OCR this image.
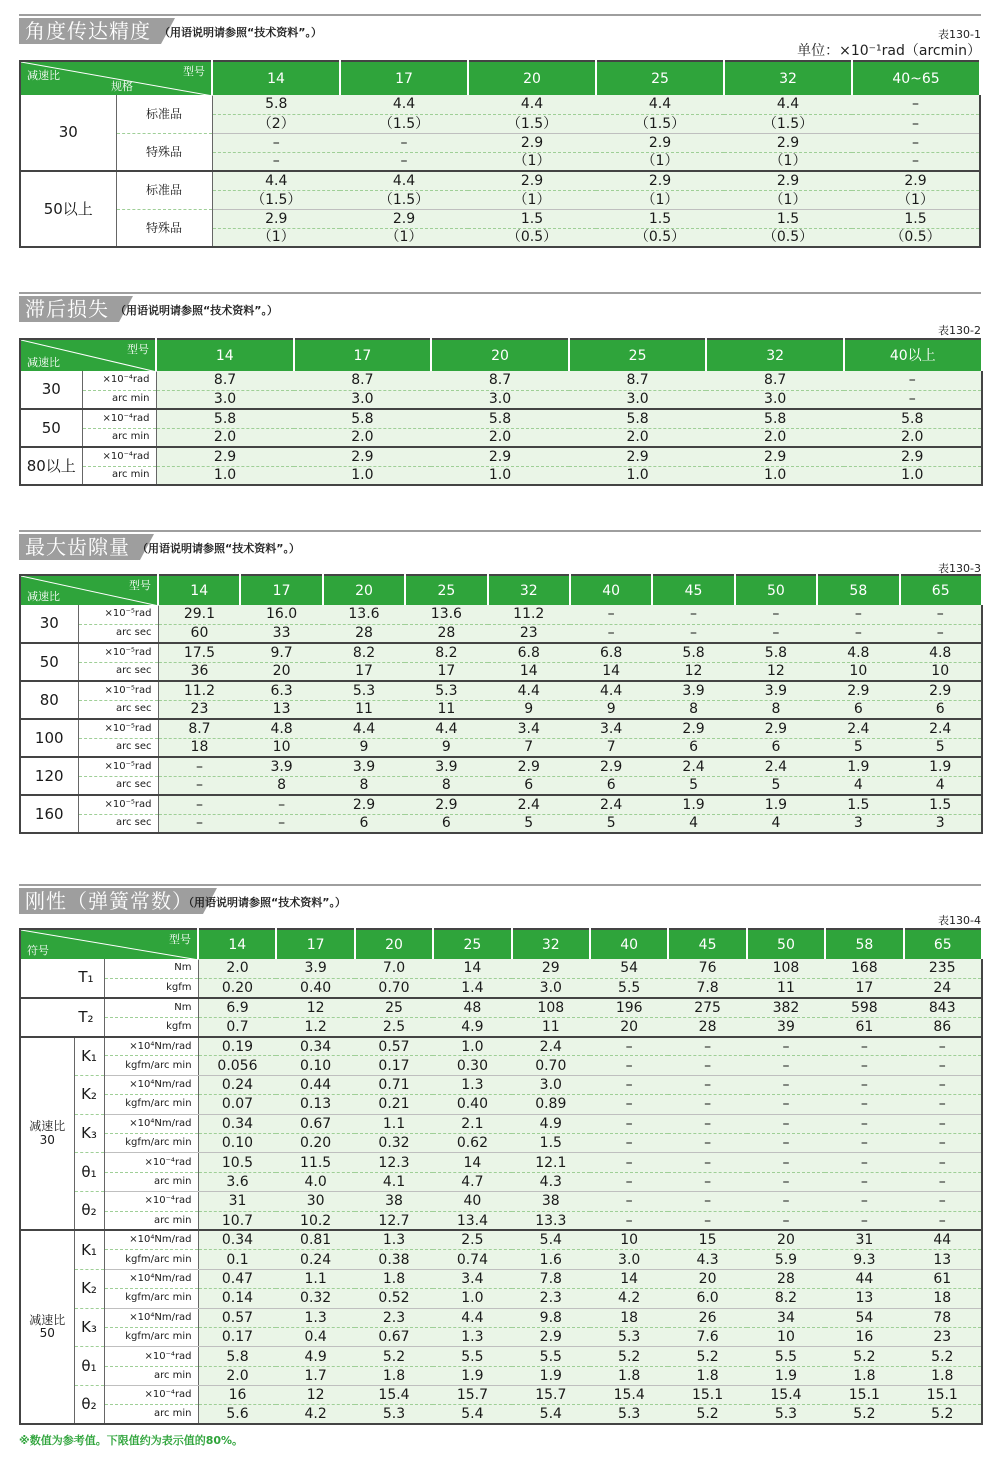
角度传达精度 （用语说明请参照“技术资料”。）	表130-1
单位：×10⁻¹rad（arcmin）
型号
规格
减速比		14	17	20	25	32	40~65
30	标准品	5.8	4.4	4.4	4.4	4.4	–
		（2）	（1.5）	（1.5）	（1.5）	（1.5）	–
	特殊品	–	–	2.9	2.9	2.9	–
		–	–	（1）	（1）	（1）	–
50以上	标准品	4.4	4.4	2.9	2.9	2.9	2.9
		（1.5）	（1.5）	（1）	（1）	（1）	（1）
	特殊品	2.9	2.9	1.5	1.5	1.5	1.5
		（1）	（1）	（0.5）	（0.5）	（0.5）	（0.5）
滞后损失 （用语说明请参照“技术资料”。）
表130-2
型号
减速比		14	17	20	25	32	40以上
30	×10⁻⁴rad	8.7	8.7	8.7	8.7	8.7	–
	arc min	3.0	3.0	3.0	3.0	3.0	–
50	×10⁻⁴rad	5.8	5.8	5.8	5.8	5.8	5.8
	arc min	2.0	2.0	2.0	2.0	2.0	2.0
80以上	×10⁻⁴rad	2.9	2.9	2.9	2.9	2.9	2.9
	arc min	1.0	1.0	1.0	1.0	1.0	1.0
最大齿隙量 （用语说明请参照“技术资料”。）
表130-3
型号
减速比		14	17	20	25	32	40	45	50	58	65
30	×10⁻⁵rad	29.1	16.0	13.6	13.6	11.2	–	–	–	–	–
	arc sec	60	33	28	28	23	–	–	–	–	–
50	×10⁻⁵rad	17.5	9.7	8.2	8.2	6.8	6.8	5.8	5.8	4.8	4.8
	arc sec	36	20	17	17	14	14	12	12	10	10
80	×10⁻⁵rad	11.2	6.3	5.3	5.3	4.4	4.4	3.9	3.9	2.9	2.9
	arc sec	23	13	11	11	9	9	8	8	6	6
100	×10⁻⁵rad	8.7	4.8	4.4	4.4	3.4	3.4	2.9	2.9	2.4	2.4
	arc sec	18	10	9	9	7	7	6	6	5	5
120	×10⁻⁵rad	–	3.9	3.9	3.9	2.9	2.9	2.4	2.4	1.9	1.9
	arc sec	–	8	8	8	6	6	5	5	4	4
160	×10⁻⁵rad	–	–	2.9	2.9	2.4	2.4	1.9	1.9	1.5	1.5
	arc sec	–	–	6	6	5	5	4	4	3	3
刚性（弹簧常数）
（用语说明请参照“技术资料”。）
表130-4
型号
符号			14	17	20	25	32	40	45	50	58	65
T₁		Nm	2.0	3.9	7.0	14	29	54	76	108	168	235
		kgfm	0.20	0.40	0.70	1.4	3.0	5.5	7.8	11	17	24
T₂		Nm	6.9	12	25	48	108	196	275	382	598	843
		kgfm	0.7	1.2	2.5	4.9	11	20	28	39	61	86

减速比
30	K₁	×10⁴Nm/rad	0.19	0.34	0.57	1.0	2.4	–	–	–	–	–
		kgfm/arc min	0.056	0.10	0.17	0.30	0.70	–	–	–	–	–
	K₂	×10⁴Nm/rad	0.24	0.44	0.71	1.3	3.0	–	–	–	–	–
		kgfm/arc min	0.07	0.13	0.21	0.40	0.89	–	–	–	–	–
	K₃	×10⁴Nm/rad	0.34	0.67	1.1	2.1	4.9	–	–	–	–	–
		kgfm/arc min	0.10	0.20	0.32	0.62	1.5	–	–	–	–	–
	θ₁	×10⁻⁴rad	10.5	11.5	12.3	14	12.1	–	–	–	–	–
		arc min	3.6	4.0	4.1	4.7	4.3	–	–	–	–	–
	θ₂	×10⁻⁴rad	31	30	38	40	38	–	–	–	–	–
		arc min	10.7	10.2	12.7	13.4	13.3	–	–	–	–	–

减速比
50	K₁	×10⁴Nm/rad	0.34	0.81	1.3	2.5	5.4	10	15	20	31	44
		kgfm/arc min	0.1	0.24	0.38	0.74	1.6	3.0	4.3	5.9	9.3	13
	K₂	×10⁴Nm/rad	0.47	1.1	1.8	3.4	7.8	14	20	28	44	61
		kgfm/arc min	0.14	0.32	0.52	1.0	2.3	4.2	6.0	8.2	13	18
	K₃	×10⁴Nm/rad	0.57	1.3	2.3	4.4	9.8	18	26	34	54	78
		kgfm/arc min	0.17	0.4	0.67	1.3	2.9	5.3	7.6	10	16	23
	θ₁	×10⁻⁴rad	5.8	4.9	5.2	5.5	5.5	5.2	5.2	5.5	5.2	5.2
		arc min	2.0	1.7	1.8	1.9	1.9	1.8	1.8	1.9	1.8	1.8
	θ₂	×10⁻⁴rad	16	12	15.4	15.7	15.7	15.4	15.1	15.4	15.1	15.1
		arc min	5.6	4.2	5.3	5.4	5.4	5.3	5.2	5.3	5.2	5.2
※数值为参考值。下限值约为表示值的80%。
